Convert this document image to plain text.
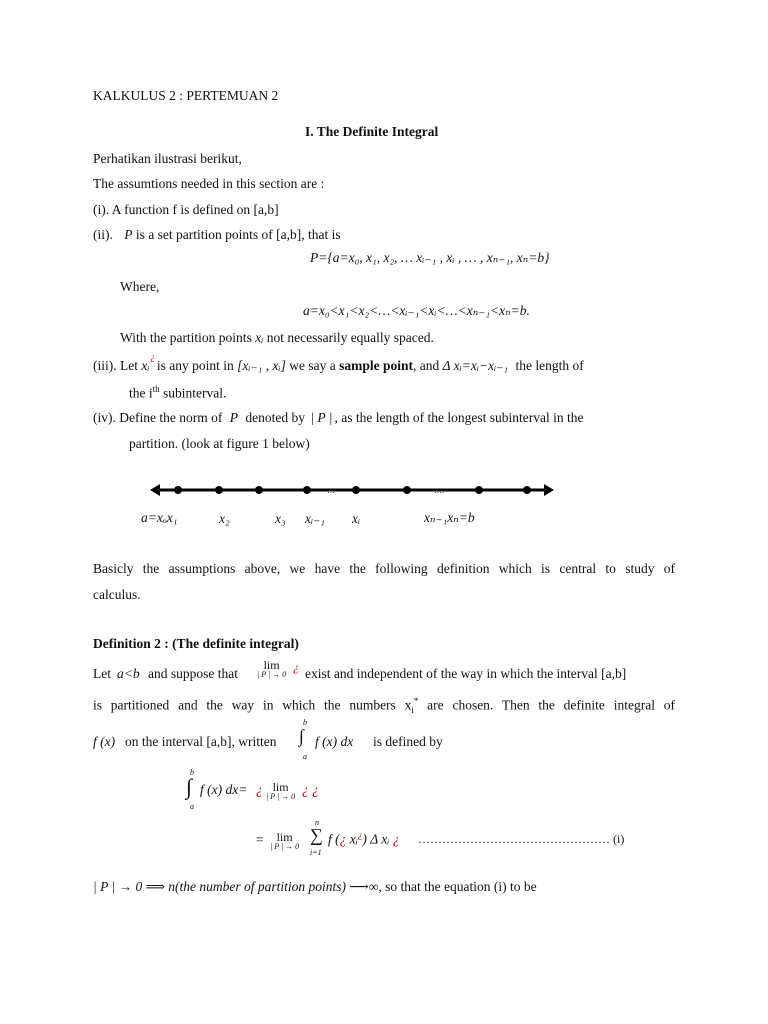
KALKULUS 2 : PERTEMUAN 2
I. The Definite Integral
Perhatikan ilustrasi berikut,
The assumtions needed in this section are :
(i). A function f is defined on [a,b]
(ii). P is a set partition points of [a,b], that is
P={a=x₀, x₁, x₂, … xᵢ₋₁ , xᵢ , … , xₙ₋₁, xₙ=b}
Where,
a=x₀<x₁<x₂<…<xᵢ₋₁<xᵢ<…<xₙ₋₁<xₙ=b.
With the partition points xᵢ not necessarily equally spaced.
(iii). Let xᵢ
¿
is any point in [xᵢ₋₁ , xᵢ] we say a sample point, and Δ xᵢ=xᵢ−xᵢ₋₁ the length of
the $i^{th}$ subinterval.
(iv). Define the norm of P denoted by | P | , as the length of the longest subinterval in the
partition. (look at figure 1 below)
…	….
a=xₒx₁	x₂	x₃ xᵢ₋₁ xᵢ	xₙ₋₁xₙ=b
Basicly the assumptions above, we have the following definition which is central to study of
calculus.
Definition 2 : (The definite integral)
Let a<b and suppose that
lim
| P | → 0
¿ exist and independent of the way in which the interval [a,b]
is partitioned and the way in which the numbers $x_i^*$ are chosen. Then the definite integral of
f (x) on the interval [a,b], written
b
∫
a
f (x) dx is defined by
b
∫
a
f (x) dx= ¿ lim
| P | → 0 ¿ ¿
=	lim
| P | → 0
n
∑
i=1
f (¿ xᵢ¿) Δ xᵢ ¿ ………………………………………… (i)
| P | → 0 ⟹ n(the number of partition points) ⟶∞, so that the equation (i) to be
